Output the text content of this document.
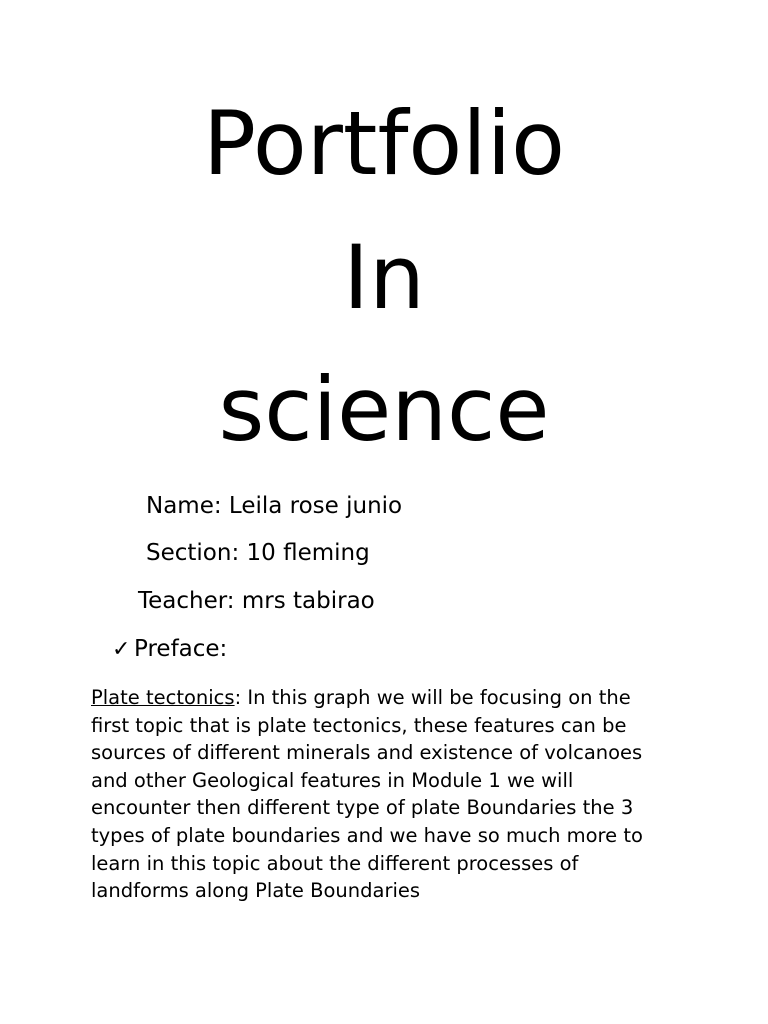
Portfolio
In
science
Name: Leila rose junio
Section: 10 fleming
Teacher: mrs tabirao
✓ Preface:
Plate tectonics: In this graph we will be focusing on the
first topic that is plate tectonics, these features can be
sources of different minerals and existence of volcanoes
and other Geological features in Module 1 we will
encounter then different type of plate Boundaries the 3
types of plate boundaries and we have so much more to
learn in this topic about the different processes of
landforms along Plate Boundaries
